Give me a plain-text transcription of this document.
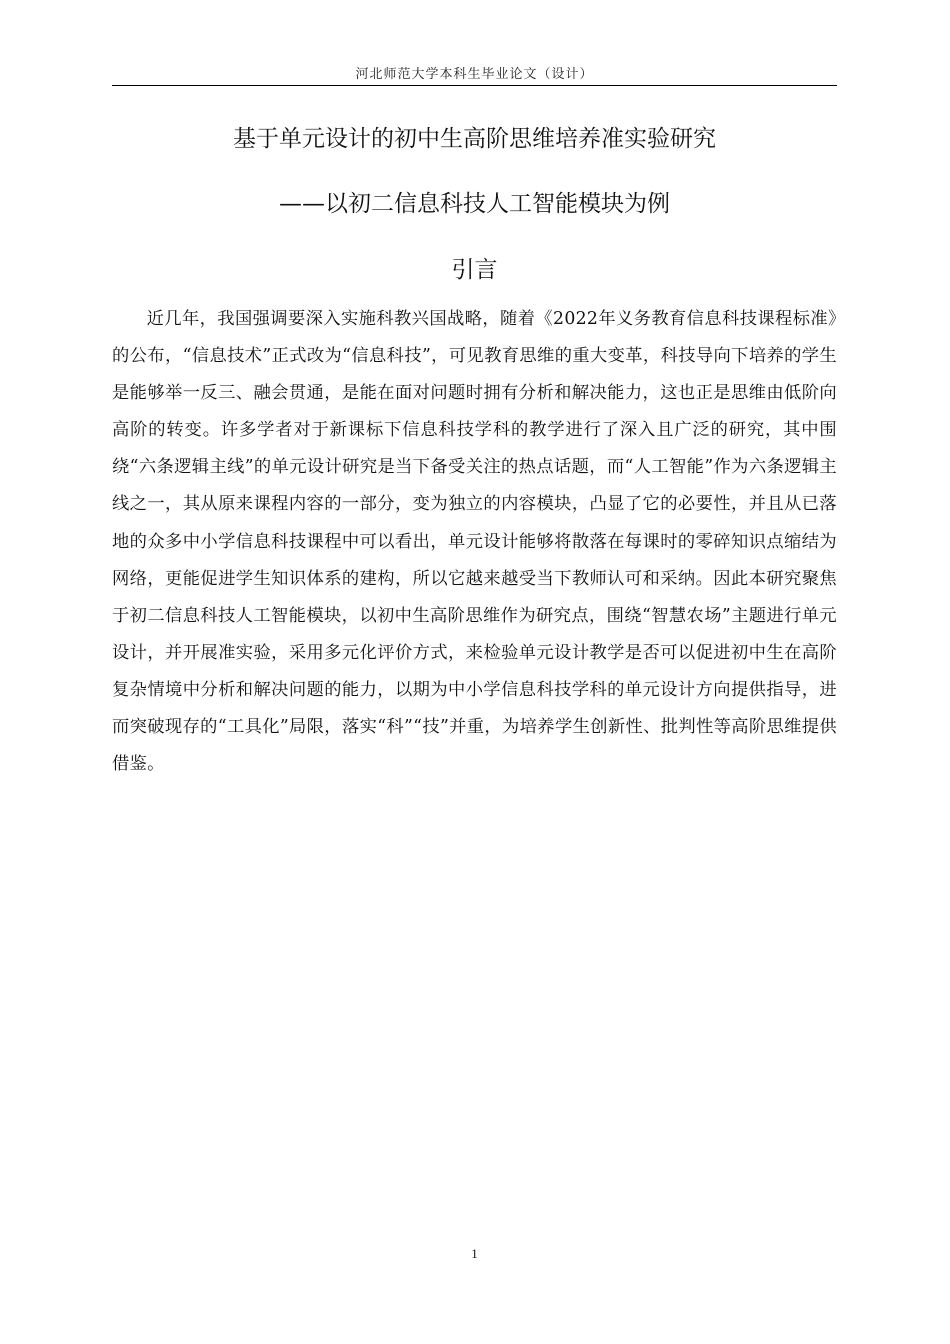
河北师范大学本科生毕业论文（设计）
基于单元设计的初中生高阶思维培养准实验研究
——以初二信息科技人工智能模块为例
引言

近几年，我国强调要深入实施科教兴国战略，随着《2022年义务教育信息科技课程标准》的公布，“信息技术”正式改为“信息科技”，可见教育思维的重大变革，科技导向下培养的学生是能够举一反三、融会贯通，是能在面对问题时拥有分析和解决能力，这也正是思维由低阶向高阶的转变。许多学者对于新课标下信息科技学科的教学进行了深入且广泛的研究，其中围绕“六条逻辑主线”的单元设计研究是当下备受关注的热点话题，而“人工智能”作为六条逻辑主线之一，其从原来课程内容的一部分，变为独立的内容模块，凸显了它的必要性，并且从已落地的众多中小学信息科技课程中可以看出，单元设计能够将散落在每课时的零碎知识点缩结为网络，更能促进学生知识体系的建构，所以它越来越受当下教师认可和采纳。因此本研究聚焦于初二信息科技人工智能模块，以初中生高阶思维作为研究点，围绕“智慧农场”主题进行单元设计，并开展准实验，采用多元化评价方式，来检验单元设计教学是否可以促进初中生在高阶复杂情境中分析和解决问题的能力，以期为中小学信息科技学科的单元设计方向提供指导，进而突破现存的“工具化”局限，落实“科”“技”并重，为培养学生创新性、批判性等高阶思维提供借鉴。

1
